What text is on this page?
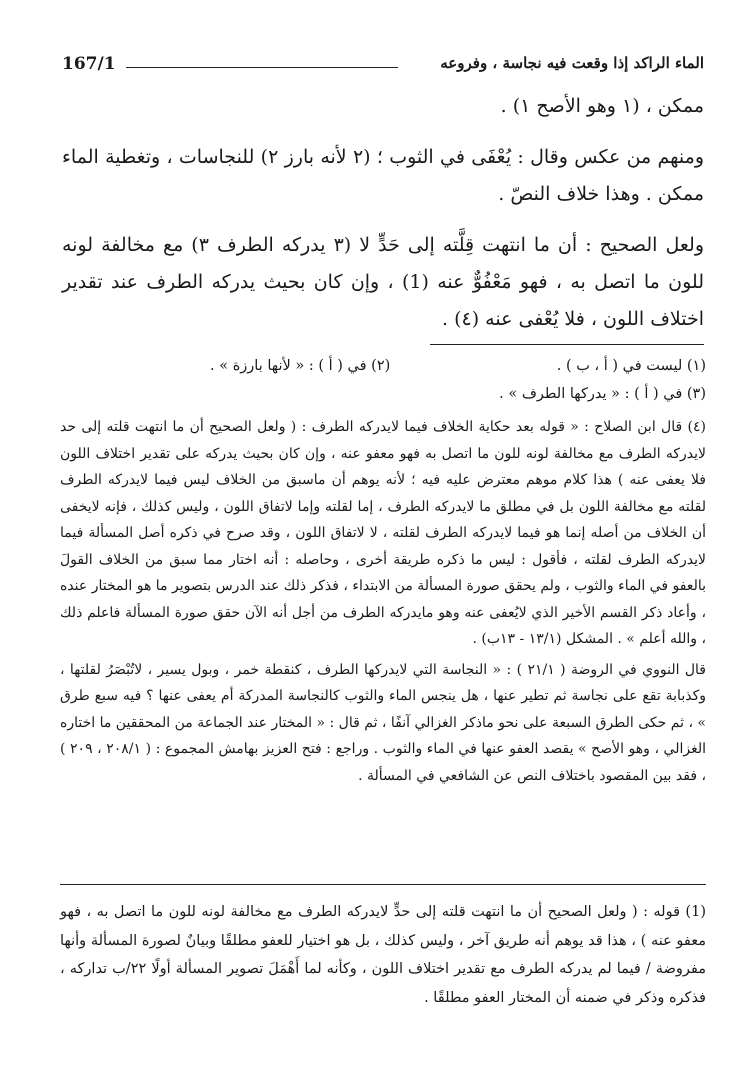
167/1	الماء الراكد إذا وقعت فيه نجاسة ، وفروعه

ممكن ، (١ وهو الأصح ١) .

ومنهم من عكس وقال : يُعْفَى في الثوب ؛ (٢ لأنه بارز ٢) للنجاسات ، وتغطية الماء ممكن . وهذا خلاف النصّ .

ولعل الصحيح : أن ما انتهت قِلَّته إلى حَدٍّ لا (٣ يدركه الطرف ٣) مع مخالفة لونه للون ما اتصل به ، فهو مَعْفُوٌّ عنه (1) ، وإن كان بحيث يدركه الطرف عند تقدير اختلاف اللون ، فلا يُعْفى عنه (٤) .

(١) ليست في ( أ ، ب ) .
(٢) في ( أ ) : « لأنها بارزة » .
(٣) في ( أ ) : « يدركها الطرف » .

(٤) قال ابن الصلاح : « قوله بعد حكاية الخلاف فيما لايدركه الطرف : ( ولعل الصحيح أن ما انتهت قلته إلى حد لايدركه الطرف مع مخالفة لونه للون ما اتصل به فهو معفو عنه ، وإن كان بحيث يدركه على تقدير اختلاف اللون فلا يعفى عنه ) هذا كلام موهم معترض عليه فيه ؛ لأنه يوهم أن ماسبق من الخلاف ليس فيما لايدركه الطرف لقلته مع مخالفة اللون بل في مطلق ما لايدركه الطرف ، إما لقلته وإما لاتفاق اللون ، وليس كذلك ، فإنه لايخفى أن الخلاف من أصله إنما هو فيما لايدركه الطرف لقلته ، لا لاتفاق اللون ، وقد صرح في ذكره أصل المسألة فيما لايدركه الطرف لقلته ، فأقول : ليس ما ذكره طريقة أخرى ، وحاصله : أنه اختار مما سبق من الخلاف القولَ بالعفو في الماء والثوب ، ولم يحقق صورة المسألة من الابتداء ، فذكر ذلك عند الدرس بتصوير ما هو المختار عنده ، وأعاد ذكر القسم الأخير الذي لايُعفى عنه وهو مايدركه الطرف من أجل أنه الآن حقق صورة المسألة فاعلم ذلك ، والله أعلم » . المشكل (١٣/١ - ١٣ب) .

قال النووي في الروضة ( ٢١/١ ) : « النجاسة التي لايدركها الطرف ، كنقطة خمر ، وبول يسير ، لاتُبْصَرُ لقلتها ، وكذبابة تقع على نجاسة ثم تطير عنها ، هل ينجس الماء والثوب كالنجاسة المدركة أم يعفى عنها ؟ فيه سبع طرق » ، ثم حكى الطرق السبعة على نحو ماذكر الغزالي آنفًا ، ثم قال : « المختار عند الجماعة من المحققين ما اختاره الغزالي ، وهو الأصح » يقصد العفو عنها في الماء والثوب . وراجع : فتح العزيز بهامش المجموع : ( ٢٠٨/١ ، ٢٠٩ ) ، فقد بين المقصود باختلاف النص عن الشافعي في المسألة .

(1) قوله : ( ولعل الصحيح أن ما انتهت قلته إلى حدٍّ لايدركه الطرف مع مخالفة لونه للون ما اتصل به ، فهو معفو عنه ) ، هذا قد يوهم أنه طريق آخر ، وليس كذلك ، بل هو اختيار للعفو مطلقًا وبيانٌ لصورة المسألة وأنها مفروضة / فيما لم يدركه الطرف مع تقدير اختلاف اللون ، وكأنه لما أَهْمَلَ تصوير المسألة أولًا ٢٢/ب تداركه ، فذكره وذكر في ضمنه أن المختار العفو مطلقًا .
